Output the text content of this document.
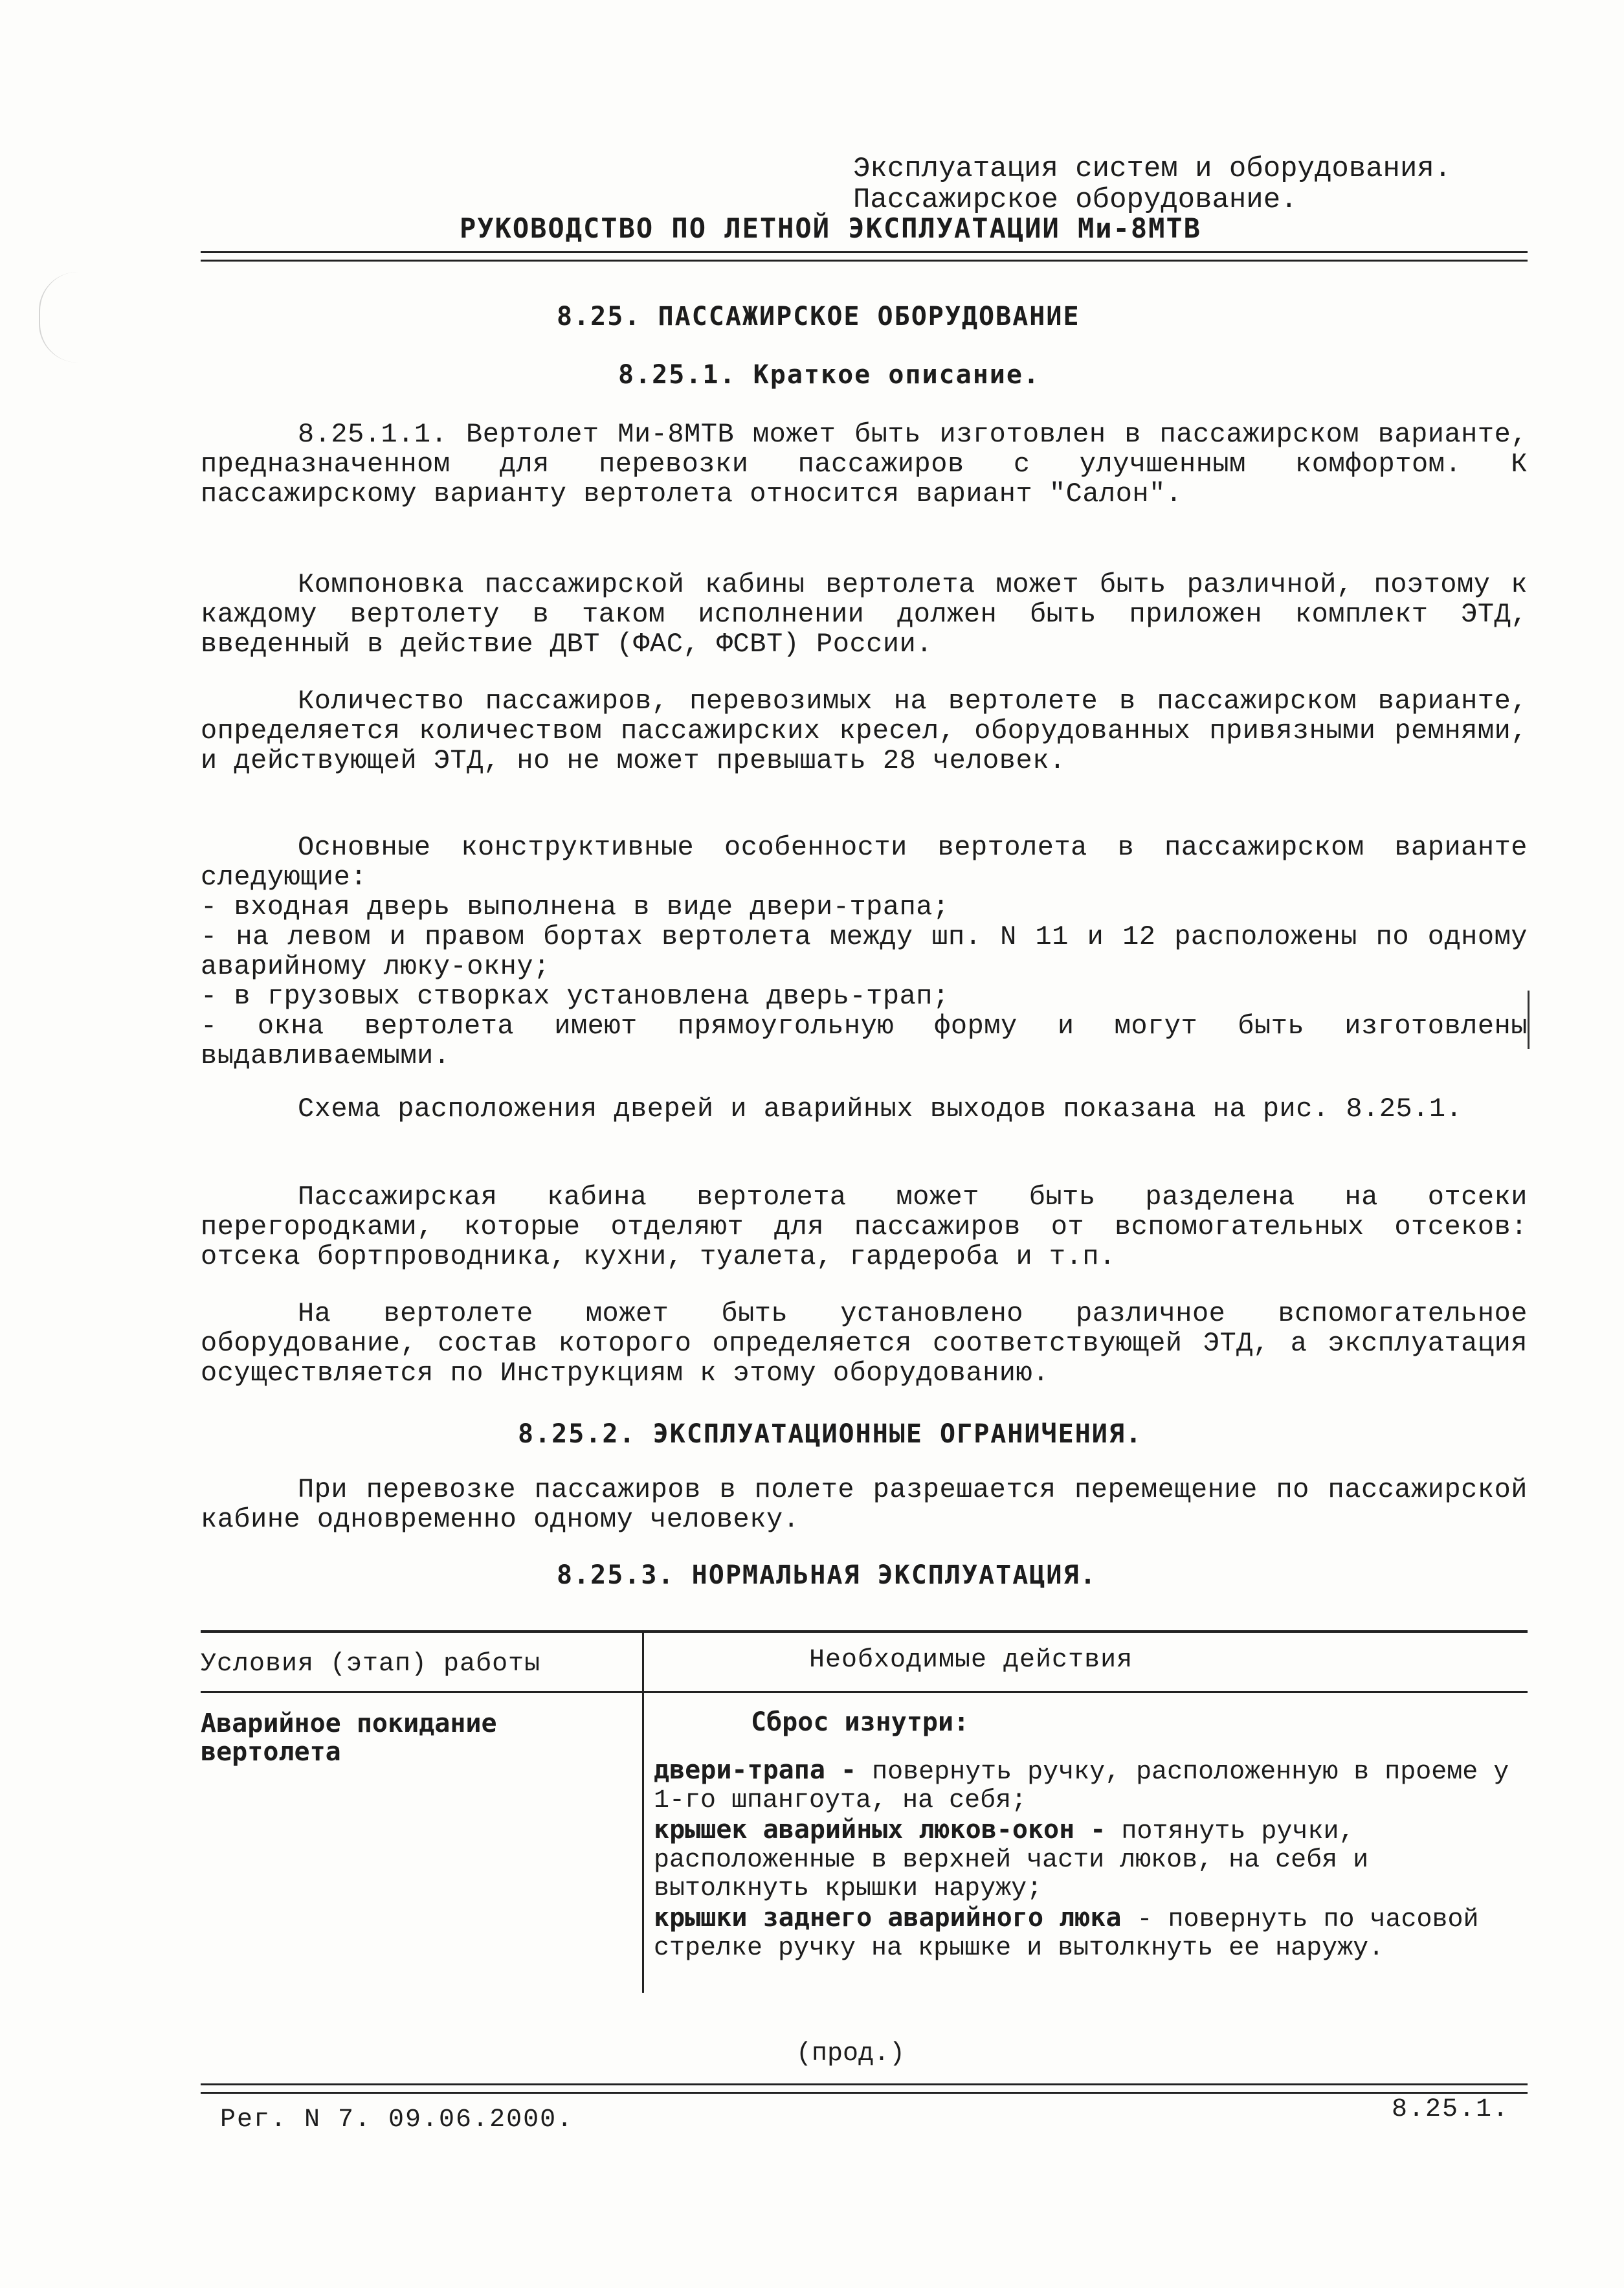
Эксплуатация систем и оборудования.
Пассажирское оборудование.
РУКОВОДСТВО ПО ЛЕТНОЙ ЭКСПЛУАТАЦИИ Ми-8МТВ
8.25. ПАССАЖИРСКОЕ ОБОРУДОВАНИЕ
8.25.1. Краткое описание.
8.25.1.1. Вертолет Ми-8МТВ может быть изготовлен в пассажирском варианте, предназначенном для перевозки пассажиров с улучшенным комфортом. К пассажирскому варианту вертолета относится вариант "Салон".
Компоновка пассажирской кабины вертолета может быть различной, поэтому к каждому вертолету в таком исполнении должен быть приложен комплект ЭТД, введенный в действие ДВТ (ФАС, ФСВТ) России.
Количество пассажиров, перевозимых на вертолете в пассажирском варианте, определяется количеством пассажирских кресел, оборудованных привязными ремнями, и действующей ЭТД, но не может превышать 28 человек.
Основные конструктивные особенности вертолета в пассажирском варианте следующие:
- входная дверь выполнена в виде двери-трапа;
- на левом и правом бортах вертолета между шп. N 11 и 12 расположены по одному аварийному люку-окну;
- в грузовых створках установлена дверь-трап;
- окна вертолета имеют прямоугольную форму и могут быть изготовлены выдавливаемыми.
Схема расположения дверей и аварийных выходов показана на рис. 8.25.1.
Пассажирская кабина вертолета может быть разделена на отсеки перегородками, которые отделяют для пассажиров от вспомогательных отсеков: отсека бортпроводника, кухни, туалета, гардероба и т.п.
На вертолете может быть установлено различное вспомогательное оборудование, состав которого определяется соответствующей ЭТД, а эксплуатация осуществляется по Инструкциям к этому оборудованию.
8.25.2. ЭКСПЛУАТАЦИОННЫЕ ОГРАНИЧЕНИЯ.
При перевозке пассажиров в полете разрешается перемещение по пассажирской кабине одновременно одному человеку.
8.25.3. НОРМАЛЬНАЯ ЭКСПЛУАТАЦИЯ.
Условия (этап) работы	Необходимые действия
Аварийное покидание вертолета
Сброс изнутри:
двери-трапа - повернуть ручку, расположенную в проеме у 1-го шпангоута, на себя;
крышек аварийных люков-окон - потянуть ручки, расположенные в верхней части люков, на себя и вытолкнуть крышки наружу;
крышки заднего аварийного люка - повернуть по часовой стрелке ручку на крышке и вытолкнуть ее наружу.
(прод.)
Рег. N 7. 09.06.2000.	8.25.1.
